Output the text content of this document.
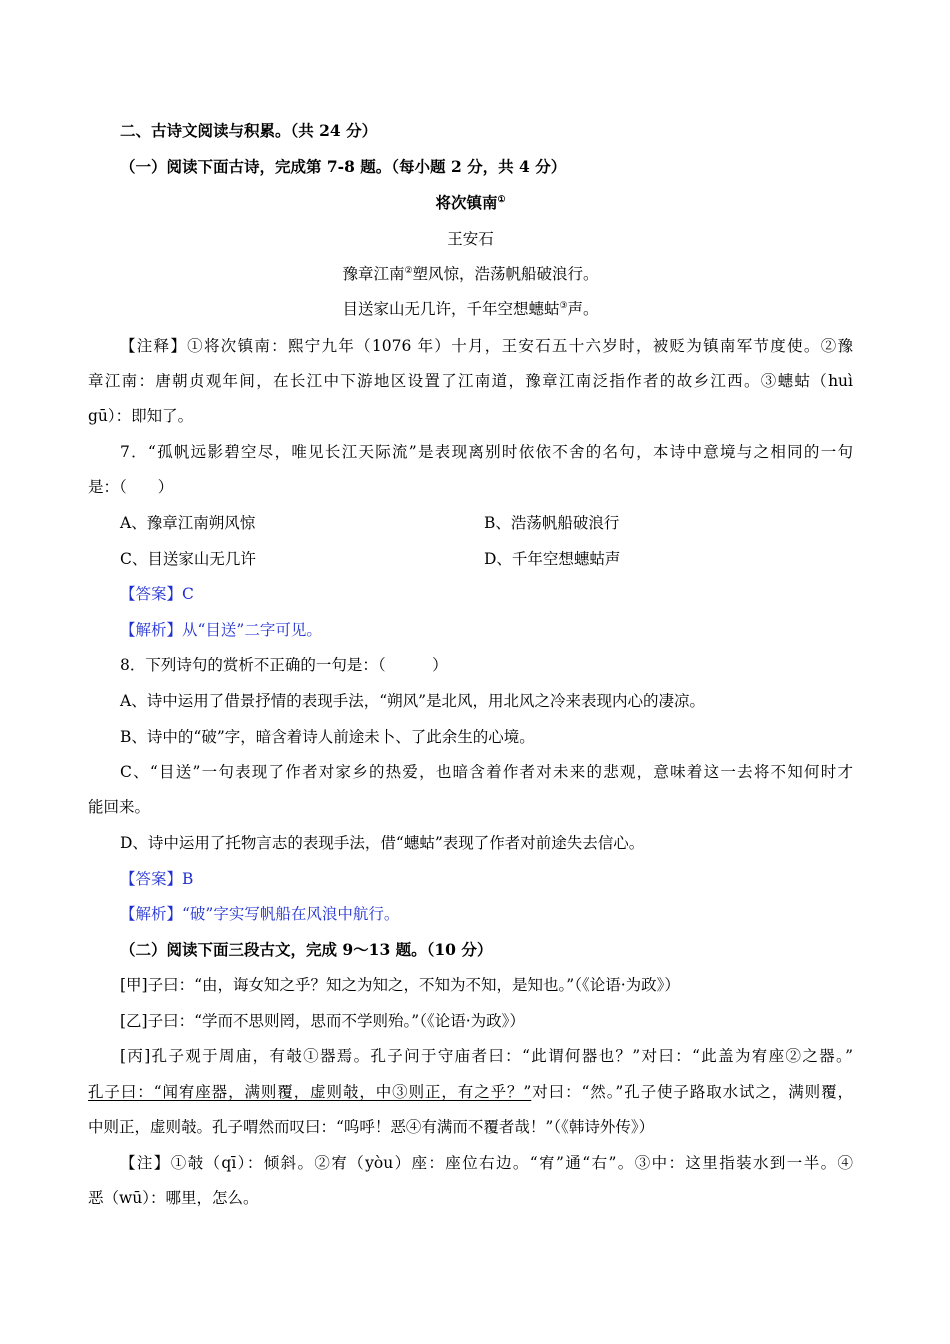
二、古诗文阅读与积累。（共 24 分）
（一）阅读下面古诗，完成第 7-8 题。（每小题 2 分，共 4 分）
将次镇南①
王安石
豫章江南②塑风惊，浩荡帆船破浪行。
目送家山无几许，千年空想蟪蛄③声。
【注释】①将次镇南：熙宁九年（1076 年）十月，王安石五十六岁时，被贬为镇南军节度使。②豫
章江南：唐朝贞观年间，在长江中下游地区设置了江南道，豫章江南泛指作者的故乡江西。③蟪蛄（huì
gū）：即知了。
7．“孤帆远影碧空尽，唯见长江天际流”是表现离别时依依不舍的名句，本诗中意境与之相同的一句
是：（　　）
A、豫章江南朔风惊	B、浩荡帆船破浪行
C、目送家山无几许	D、千年空想蟪蛄声
【答案】C
【解析】从“目送”二字可见。
8．下列诗句的赏析不正确的一句是：（　　　）
A、诗中运用了借景抒情的表现手法，“朔风”是北风，用北风之冷来表现内心的凄凉。
B、诗中的“破”字，暗含着诗人前途未卜、了此余生的心境。
C、“目送”一句表现了作者对家乡的热爱，也暗含着作者对未来的悲观，意味着这一去将不知何时才
能回来。
D、诗中运用了托物言志的表现手法，借“蟪蛄”表现了作者对前途失去信心。
【答案】B
【解析】“破”字实写帆船在风浪中航行。
（二）阅读下面三段古文，完成 9～13 题。（10 分）
[甲]子曰：“由，诲女知之乎？知之为知之，不知为不知，是知也。”（《论语·为政》）
[乙]子曰：“学而不思则罔，思而不学则殆。”（《论语·为政》）
[丙]孔子观于周庙，有攲①器焉。孔子问于守庙者曰：“此谓何器也？”对曰：“此盖为宥座②之器。”
孔子曰：“闻宥座器，满则覆，虚则攲，中③则正，有之乎？”对曰：“然。”孔子使子路取水试之，满则覆，
中则正，虚则攲。孔子喟然而叹曰：“呜呼！恶④有满而不覆者哉！”（《韩诗外传》）
【注】①攲（qī）：倾斜。②宥（yòu）座：座位右边。“宥”通“右”。③中：这里指装水到一半。④
恶（wū）：哪里，怎么。
